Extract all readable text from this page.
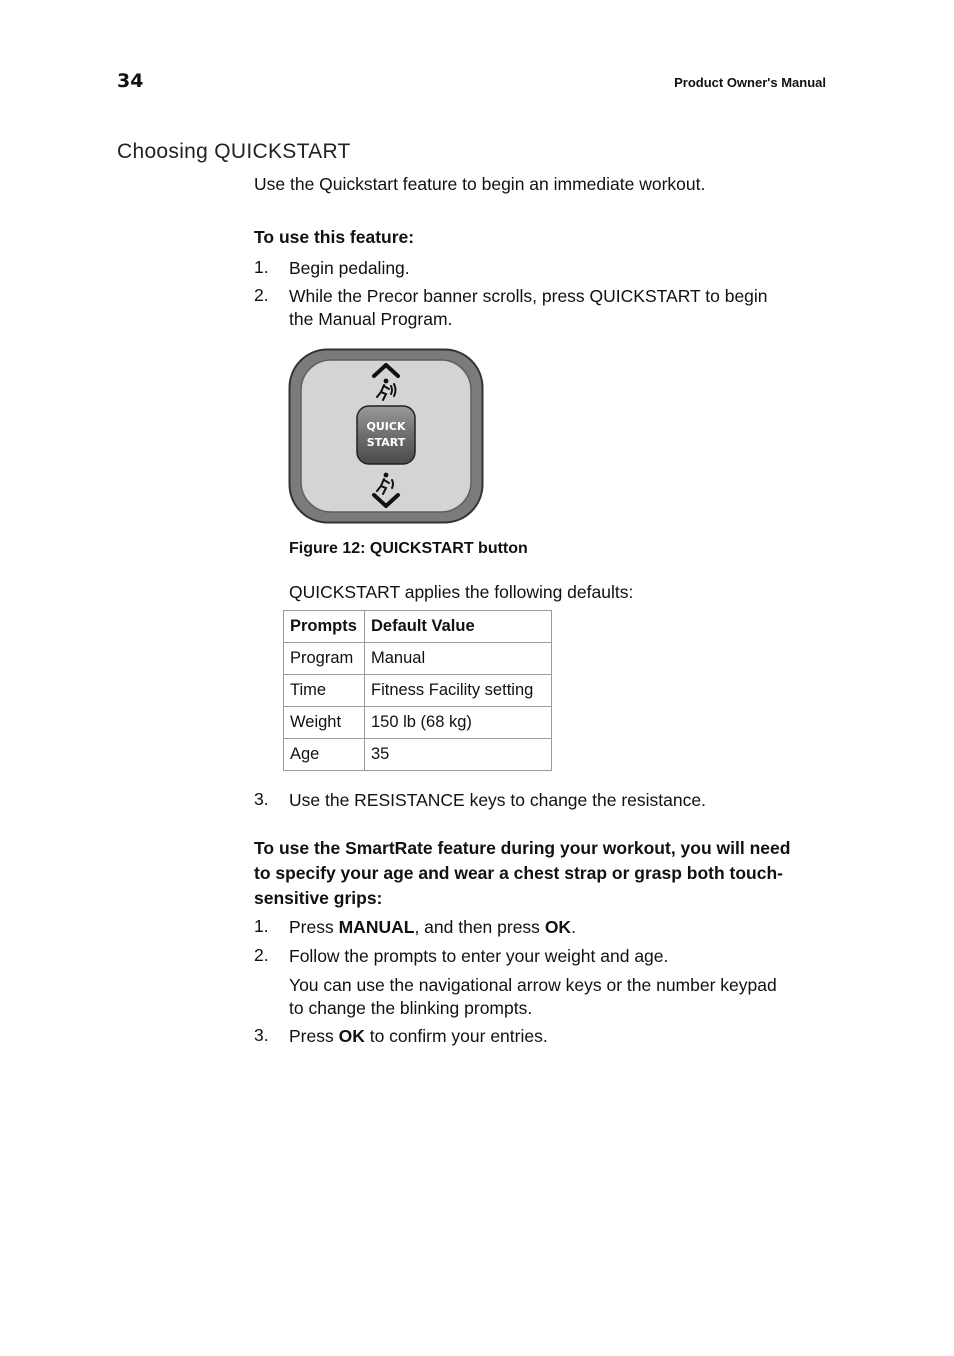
34	Product Owner's Manual
Choosing QUICKSTART
Use the Quickstart feature to begin an immediate workout.
To use this feature:
1. Begin pedaling.
2. While the Precor banner scrolls, press QUICKSTART to begin the Manual Program.
QUICK
START
Figure 12: QUICKSTART button
QUICKSTART applies the following defaults:
Prompts	Default Value
Program	Manual
Time	Fitness Facility setting
Weight	150 lb (68 kg)
Age	35
3. Use the RESISTANCE keys to change the resistance.
To use the SmartRate feature during your workout, you will need to specify your age and wear a chest strap or grasp both touch-sensitive grips:
1. Press MANUAL, and then press OK.
2. Follow the prompts to enter your weight and age.
You can use the navigational arrow keys or the number keypad to change the blinking prompts.
3. Press OK to confirm your entries.
